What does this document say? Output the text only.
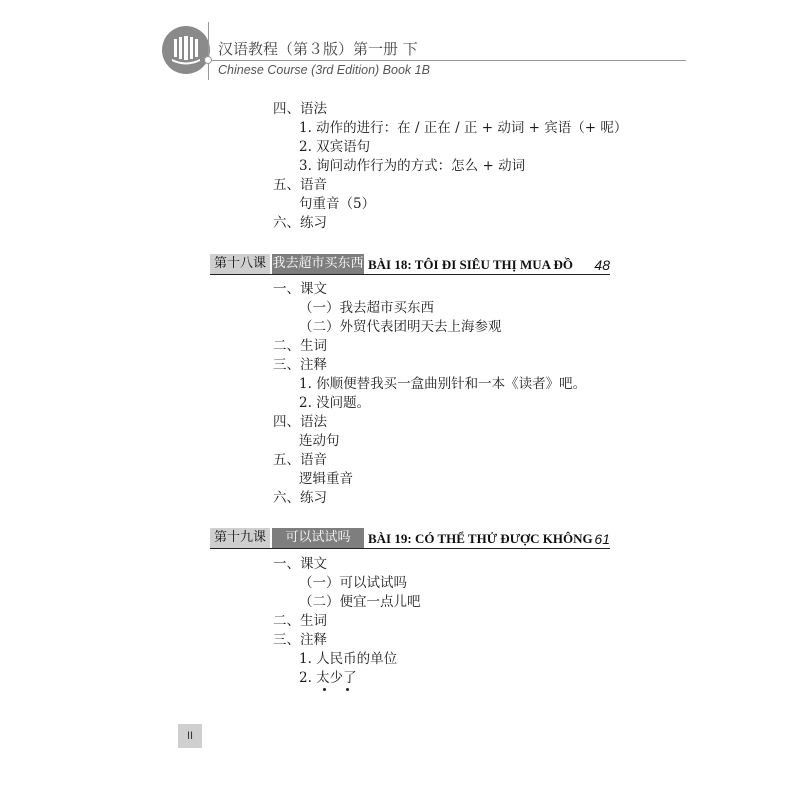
汉语教程（第３版）第一册 下
Chinese Course (3rd Edition) Book 1B
四、语法
1. 动作的进行：在 / 正在 / 正 + 动词 + 宾语（+ 呢）
2. 双宾语句
3. 询问动作行为的方式：怎么 + 动词
五、语音
句重音（5）
六、练习
第十八课 我去超市买东西 BÀI 18: TÔI ĐI SIÊU THỊ MUA ĐỒ 48
一、课文
（一）我去超市买东西
（二）外贸代表团明天去上海参观
二、生词
三、注释
1. 你顺便替我买一盒曲别针和一本《读者》吧。
2. 没问题。
四、语法
连动句
五、语音
逻辑重音
六、练习
第十九课	可以试试吗	BÀI 19: CÓ THỂ THỬ ĐƯỢC KHÔNG 61
一、课文
（一）可以试试吗
（二）便宜一点儿吧
二、生词
三、注释
1. 人民币的单位
2. 太少了
II
